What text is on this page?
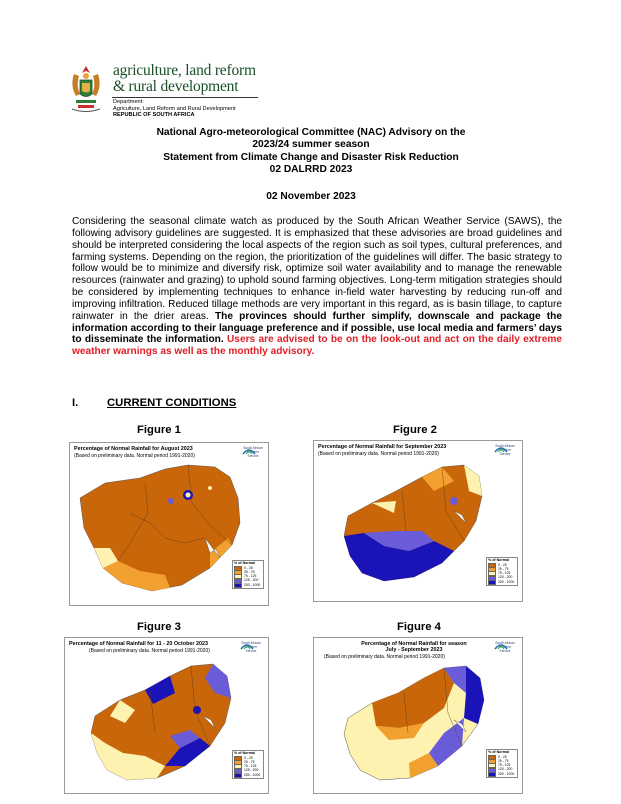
agriculture, land reform
& rural development
Department:
Agriculture, Land Reform and Rural Development
REPUBLIC OF SOUTH AFRICA
National Agro-meteorological Committee (NAC) Advisory on the
2023/24 summer season
Statement from Climate Change and Disaster Risk Reduction
02 DALRRD 2023
02 November 2023
Considering the seasonal climate watch as produced by the South African Weather Service (SAWS), the following advisory guidelines are suggested. It is emphasized that these advisories are broad guidelines and should be interpreted considering the local aspects of the region such as soil types, cultural preferences, and farming systems. Depending on the region, the prioritization of the guidelines will differ. The basic strategy to follow would be to minimize and diversify risk, optimize soil water availability and to manage the renewable resources (rainwater and grazing) to uphold sound farming objectives. Long-term mitigation strategies should be considered by implementing techniques to enhance in-field water harvesting by reducing run-off and improving infiltration. Reduced tillage methods are very important in this regard, as is basin tillage, to capture rainwater in the drier areas. The provinces should further simplify, downscale and package the information according to their language preference and if possible, use local media and farmers’ days to disseminate the information. Users are advised to be on the look-out and act on the daily extreme weather warnings as well as the monthly advisory.
I.	CURRENT CONDITIONS
Figure 1	Figure 2
Figure 3	Figure 4
Percentage of Normal Rainfall for August 2023
(Based on preliminary data. Normal period 1991-2020)
South African Weather Service
% of Normal
0 - 25
25 - 75
75 - 125
125 - 200
200 - 1000
Percentage of Normal Rainfall for September 2023
(Based on preliminary data. Normal period 1991-2020)
South African Weather Service
% of Normal
0 - 25
25 - 75
75 - 125
125 - 200
200 - 1000
Percentage of Normal Rainfall for 11 - 20 October 2023
(Based on preliminary data. Normal period 1991-2020)
South African Weather Service
% of Normal
0 - 25
25 - 75
75 - 125
125 - 200
200 - 1000
Percentage of Normal Rainfall for season
July - September 2023
(Based on preliminary data. Normal period 1991-2020)
South African Weather Service
% of Normal
0 - 25
25 - 75
75 - 125
125 - 200
200 - 1000
